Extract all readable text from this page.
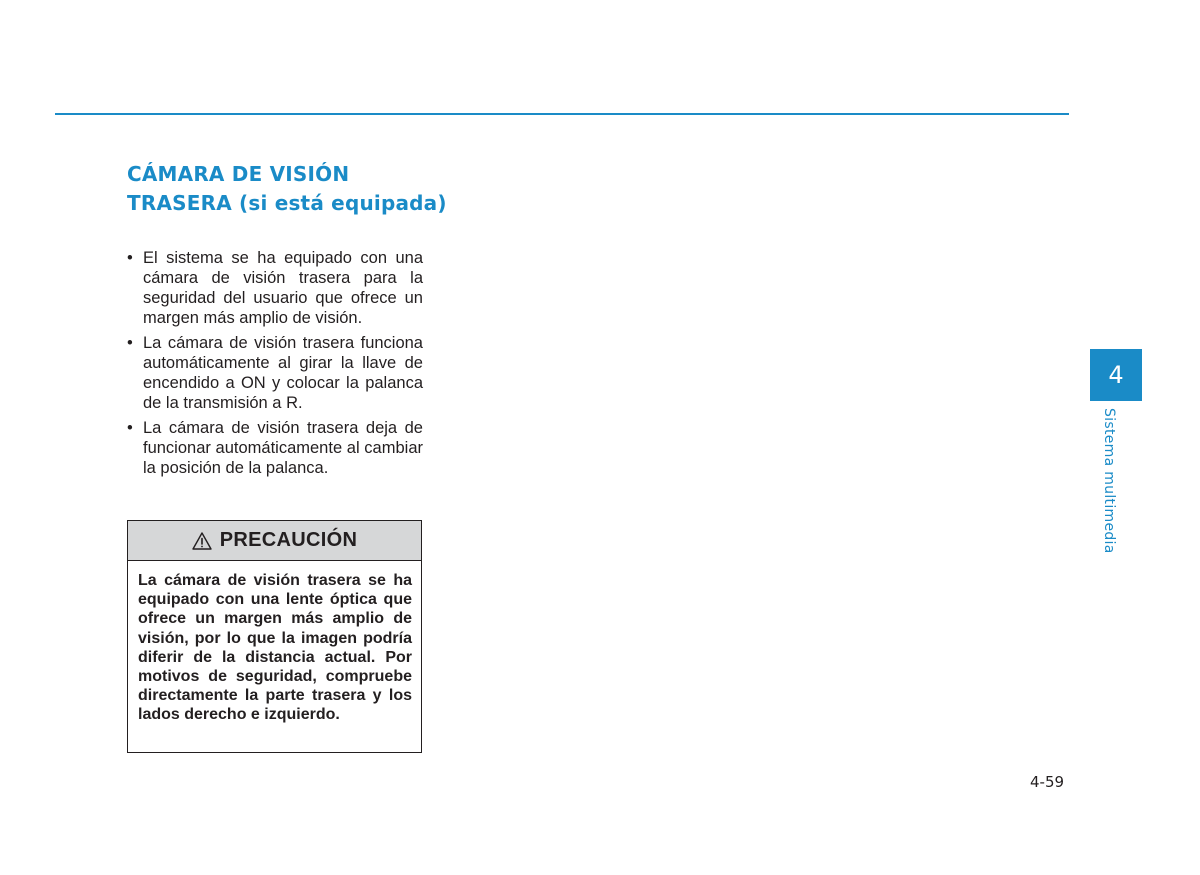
CÁMARA DE VISIÓN
TRASERA (si está equipada)
• El sistema se ha equipado con una cámara de visión trasera para la seguridad del usuario que ofrece un margen más amplio de visión.
• La cámara de visión trasera funciona automáticamente al girar la llave de encendido a ON y colocar la palanca de la transmisión a R.
• La cámara de visión trasera deja de funcionar automáticamente al cambiar la posición de la palanca.
PRECAUCIÓN

La cámara de visión trasera se ha equipado con una lente óptica que ofrece un margen más amplio de visión, por lo que la imagen podría diferir de la distancia actual. Por motivos de seguridad, compruebe directamente la parte trasera y los lados derecho e izquierdo.

4
Sistema multimedia
4-59
